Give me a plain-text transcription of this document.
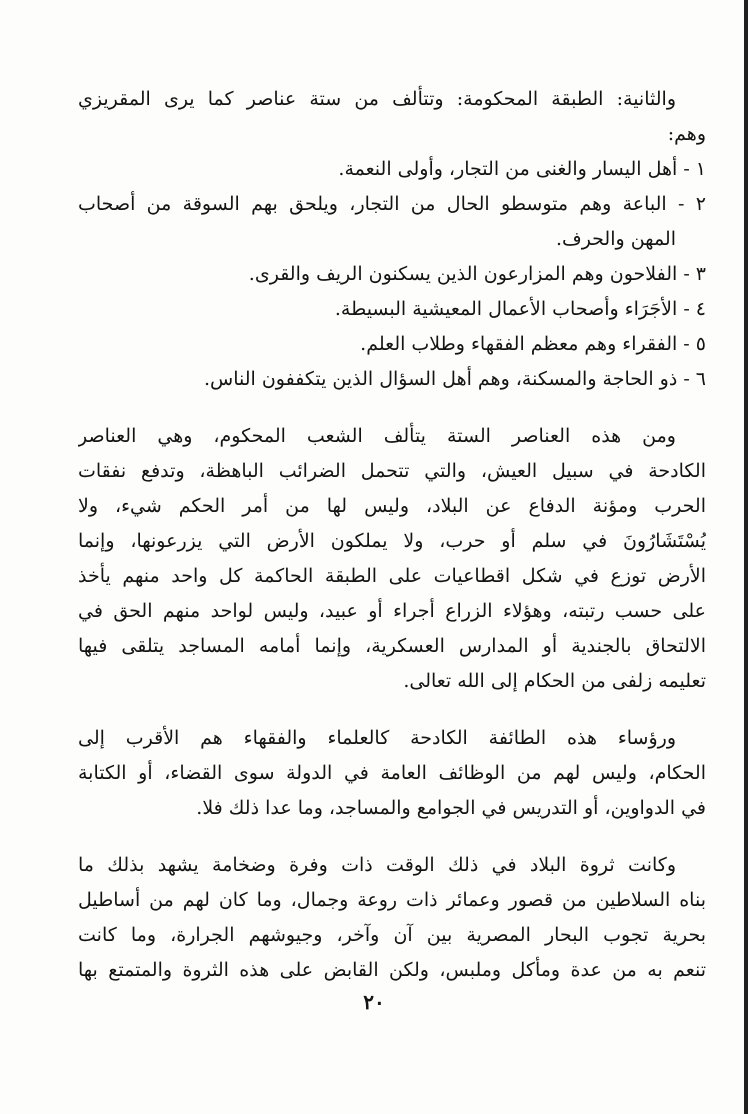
والثانية: الطبقة المحكومة: وتتألف من ستة عناصر كما يرى المقريزي
وهم:
١ - أهل اليسار والغنى من التجار، وأولى النعمة.
٢ - الباعة وهم متوسطو الحال من التجار، ويلحق بهم السوقة من أصحاب
المهن والحرف.
٣ - الفلاحون وهم المزارعون الذين يسكنون الريف والقرى.
٤ - الأجَرَاء وأصحاب الأعمال المعيشية البسيطة.
٥ - الفقراء وهم معظم الفقهاء وطلاب العلم.
٦ - ذو الحاجة والمسكنة، وهم أهل السؤال الذين يتكففون الناس.
ومن هذه العناصر الستة يتألف الشعب المحكوم، وهي العناصر
الكادحة في سبيل العيش، والتي تتحمل الضرائب الباهظة، وتدفع نفقات
الحرب ومؤنة الدفاع عن البلاد، وليس لها من أمر الحكم شيء، ولا
يُسْتَشَارُونَ في سلم أو حرب، ولا يملكون الأرض التي يزرعونها، وإنما
الأرض توزع في شكل اقطاعيات على الطبقة الحاكمة كل واحد منهم يأخذ
على حسب رتبته، وهؤلاء الزراع أجراء أو عبيد، وليس لواحد منهم الحق في
الالتحاق بالجندية أو المدارس العسكرية، وإنما أمامه المساجد يتلقى فيها
تعليمه زلفى من الحكام إلى الله تعالى.
ورؤساء هذه الطائفة الكادحة كالعلماء والفقهاء هم الأقرب إلى
الحكام، وليس لهم من الوظائف العامة في الدولة سوى القضاء، أو الكتابة
في الدواوين، أو التدريس في الجوامع والمساجد، وما عدا ذلك فلا.
وكانت ثروة البلاد في ذلك الوقت ذات وفرة وضخامة يشهد بذلك ما
بناه السلاطين من قصور وعمائر ذات روعة وجمال، وما كان لهم من أساطيل
بحرية تجوب البحار المصرية بين آن وآخر، وجيوشهم الجرارة، وما كانت
تنعم به من عدة ومأكل وملبس، ولكن القابض على هذه الثروة والمتمتع بها
٢٠
